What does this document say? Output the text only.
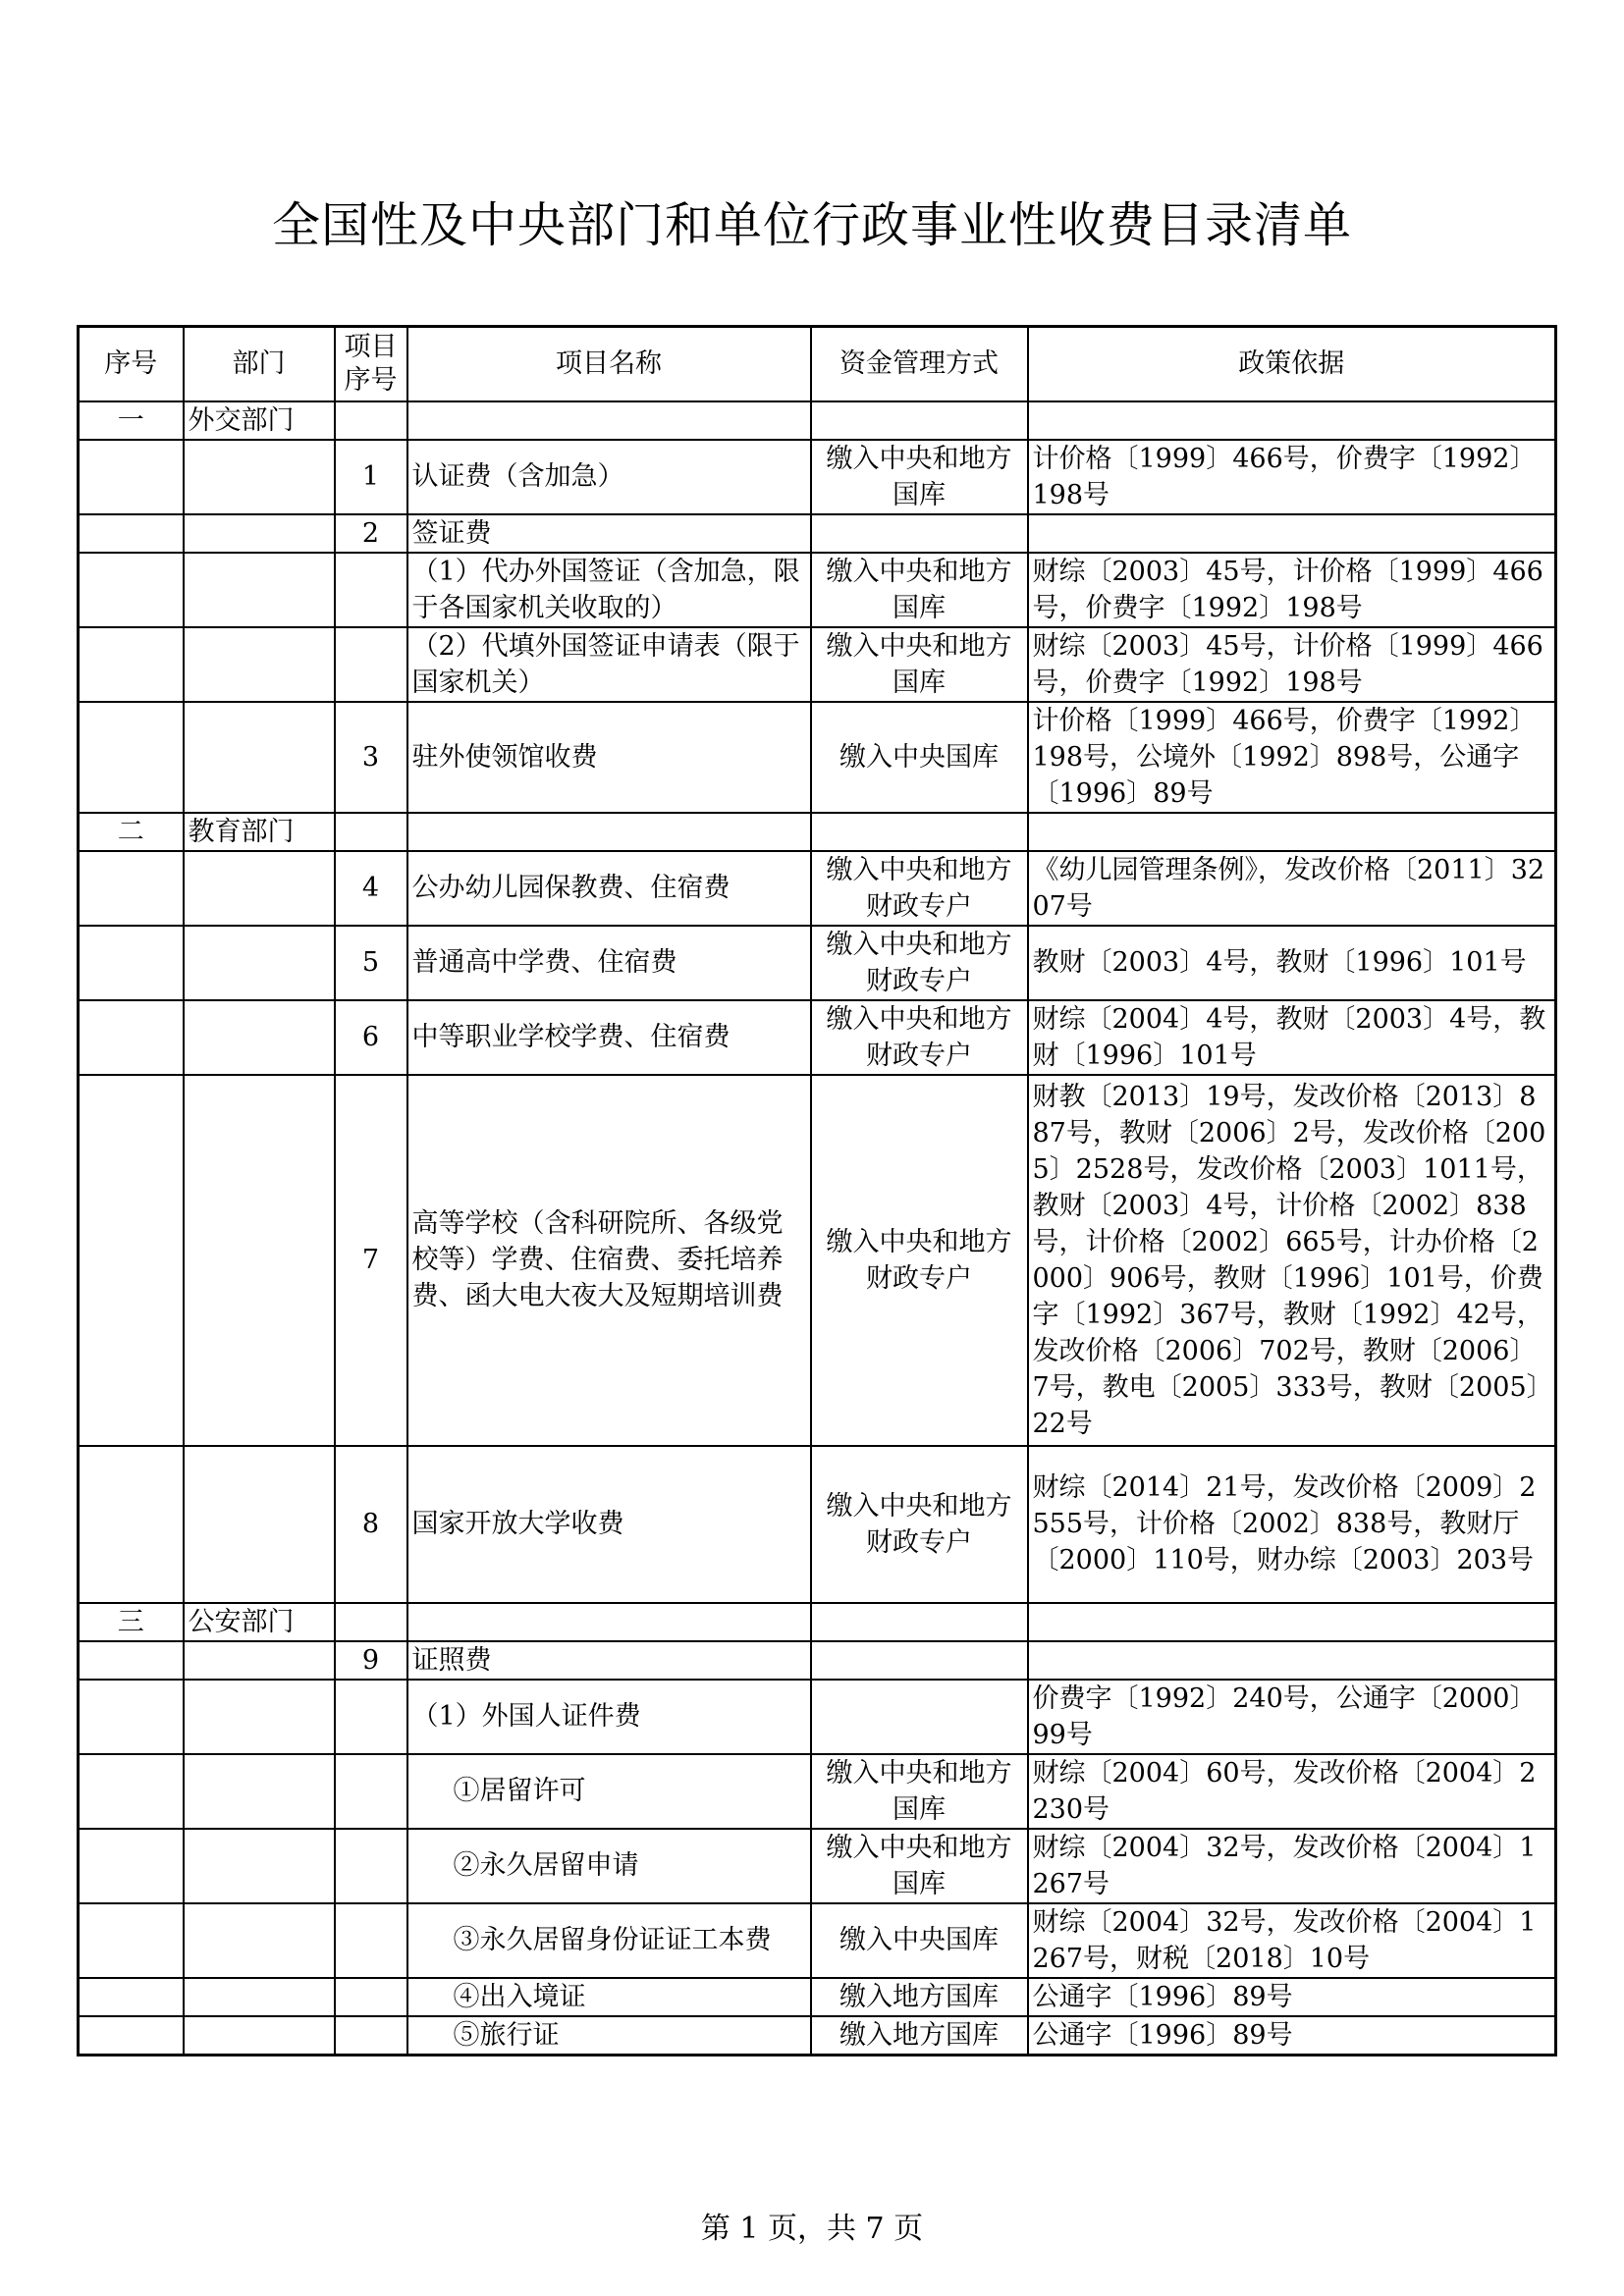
全国性及中央部门和单位行政事业性收费目录清单
序号	部门	项目序号	项目名称	资金管理方式	政策依据
一	外交部门				
		1	认证费（含加急）	缴入中央和地方国库	计价格〔1999〕466号，价费字〔1992〕198号
		2	签证费		
			（1）代办外国签证（含加急，限于各国家机关收取的）	缴入中央和地方国库	财综〔2003〕45号，计价格〔1999〕466号，价费字〔1992〕198号
			（2）代填外国签证申请表（限于国家机关）	缴入中央和地方国库	财综〔2003〕45号，计价格〔1999〕466号，价费字〔1992〕198号
		3	驻外使领馆收费	缴入中央国库	计价格〔1999〕466号，价费字〔1992〕198号，公境外〔1992〕898号，公通字〔1996〕89号
二	教育部门				
		4	公办幼儿园保教费、住宿费	缴入中央和地方财政专户	《幼儿园管理条例》，发改价格〔2011〕3207号
		5	普通高中学费、住宿费	缴入中央和地方财政专户	教财〔2003〕4号，教财〔1996〕101号
		6	中等职业学校学费、住宿费	缴入中央和地方财政专户	财综〔2004〕4号，教财〔2003〕4号，教财〔1996〕101号
		7	高等学校（含科研院所、各级党校等）学费、住宿费、委托培养费、函大电大夜大及短期培训费	缴入中央和地方财政专户	财教〔2013〕19号，发改价格〔2013〕887号，教财〔2006〕2号，发改价格〔2005〕2528号，发改价格〔2003〕1011号，教财〔2003〕4号，计价格〔2002〕838号，计价格〔2002〕665号，计办价格〔2000〕906号，教财〔1996〕101号，价费字〔1992〕367号，教财〔1992〕42号，发改价格〔2006〕702号，教财〔2006〕7号，教电〔2005〕333号，教财〔2005〕22号
		8	国家开放大学收费	缴入中央和地方财政专户	财综〔2014〕21号，发改价格〔2009〕2555号，计价格〔2002〕838号，教财厅〔2000〕110号，财办综〔2003〕203号
三	公安部门				
		9	证照费		
			（1）外国人证件费		价费字〔1992〕240号，公通字〔2000〕99号
			①居留许可	缴入中央和地方国库	财综〔2004〕60号，发改价格〔2004〕2230号
			②永久居留申请	缴入中央和地方国库	财综〔2004〕32号，发改价格〔2004〕1267号
			③永久居留身份证证工本费	缴入中央国库	财综〔2004〕32号，发改价格〔2004〕1267号，财税〔2018〕10号
			④出入境证	缴入地方国库	公通字〔1996〕89号
			⑤旅行证	缴入地方国库	公通字〔1996〕89号
第 1 页，共 7 页
